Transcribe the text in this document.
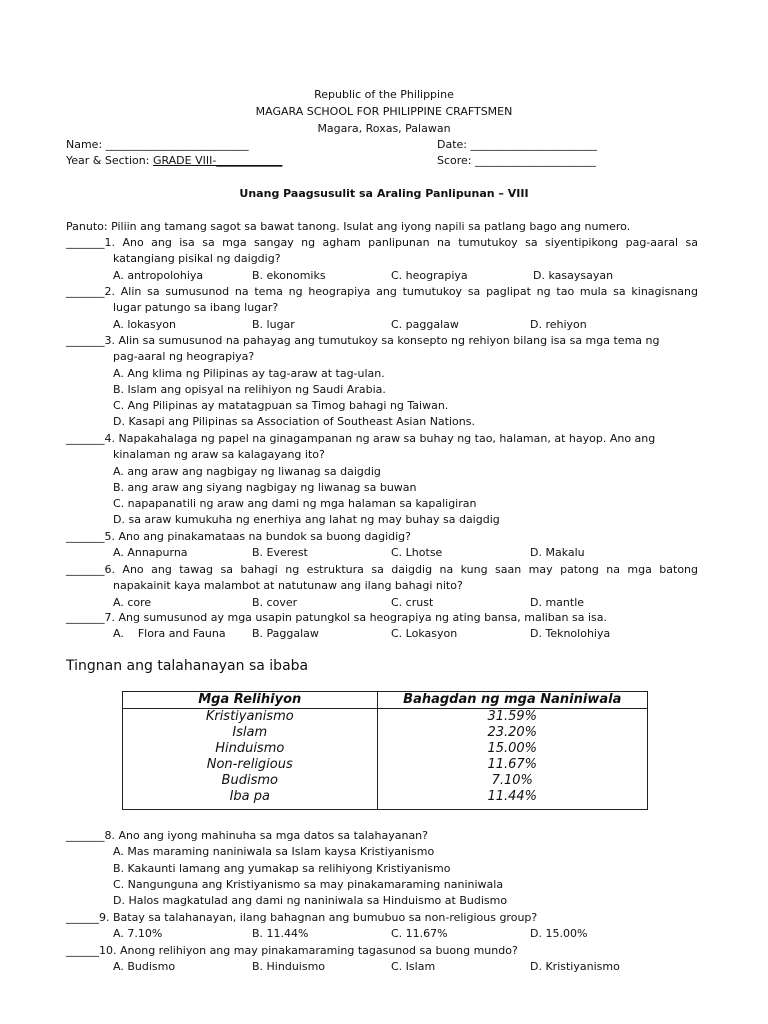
Republic of the Philippine
MAGARA SCHOOL FOR PHILIPPINE CRAFTSMEN
Magara, Roxas, Palawan
Name: __________________________	Date: _______________________
Year & Section: GRADE VIII-____________	Score: ______________________
Unang Paagsusulit sa Araling Panlipunan – VIII
Panuto: Piliin ang tamang sagot sa bawat tanong. Isulat ang iyong napili sa patlang bago ang numero.
_______1. Ano ang isa sa mga sangay ng agham panlipunan na tumutukoy sa siyentipikong pag-aaral sa
katangiang pisikal ng daigdig?
A. antropolohiya	B. ekonomiks	C. heograpiya	D. kasaysayan
_______2. Alin sa sumusunod na tema ng heograpiya ang tumutukoy sa paglipat ng tao mula sa kinagisnang
lugar patungo sa ibang lugar?
A. lokasyon	B. lugar	C. paggalaw	D. rehiyon
_______3. Alin sa sumusunod na pahayag ang tumutukoy sa konsepto ng rehiyon bilang isa sa mga tema ng
pag-aaral ng heograpiya?
A. Ang klima ng Pilipinas ay tag-araw at tag-ulan.
B. Islam ang opisyal na relihiyon ng Saudi Arabia.
C. Ang Pilipinas ay matatagpuan sa Timog bahagi ng Taiwan.
D. Kasapi ang Pilipinas sa Association of Southeast Asian Nations.
_______4. Napakahalaga ng papel na ginagampanan ng araw sa buhay ng tao, halaman, at hayop. Ano ang
kinalaman ng araw sa kalagayang ito?
A. ang araw ang nagbigay ng liwanag sa daigdig
B. ang araw ang siyang nagbigay ng liwanag sa buwan
C. napapanatili ng araw ang dami ng mga halaman sa kapaligiran
D. sa araw kumukuha ng enerhiya ang lahat ng may buhay sa daigdig
_______5. Ano ang pinakamataas na bundok sa buong dagidig?
A. Annapurna	B. Everest	C. Lhotse	D. Makalu
_______6. Ano ang tawag sa bahagi ng estruktura sa daigdig na kung saan may patong na mga batong
napakainit kaya malambot at natutunaw ang ilang bahagi nito?
A. core	B. cover	C. crust	D. mantle
_______7. Ang sumusunod ay mga usapin patungkol sa heograpiya ng ating bansa, maliban sa isa.
A.    Flora and Fauna B. Paggalaw	C. Lokasyon	D. Teknolohiya
Tingnan ang talahanayan sa ibaba
Mga Relihiyon	Bahagdan ng mga Naniniwala
Kristiyanismo	31.59%
Islam	23.20%
Hinduismo	15.00%
Non-religious	11.67%
Budismo	7.10%
Iba pa	11.44%
_______8. Ano ang iyong mahinuha sa mga datos sa talahayanan?
A. Mas maraming naniniwala sa Islam kaysa Kristiyanismo
B. Kakaunti lamang ang yumakap sa relihiyong Kristiyanismo
C. Nangunguna ang Kristiyanismo sa may pinakamaraming naniniwala
D. Halos magkatulad ang dami ng naniniwala sa Hinduismo at Budismo
______9. Batay sa talahanayan, ilang bahagnan ang bumubuo sa non-religious group?
A. 7.10%	B. 11.44%	C. 11.67%	D. 15.00%
______10. Anong relihiyon ang may pinakamaraming tagasunod sa buong mundo?
A. Budismo	B. Hinduismo	C. Islam	D. Kristiyanismo
